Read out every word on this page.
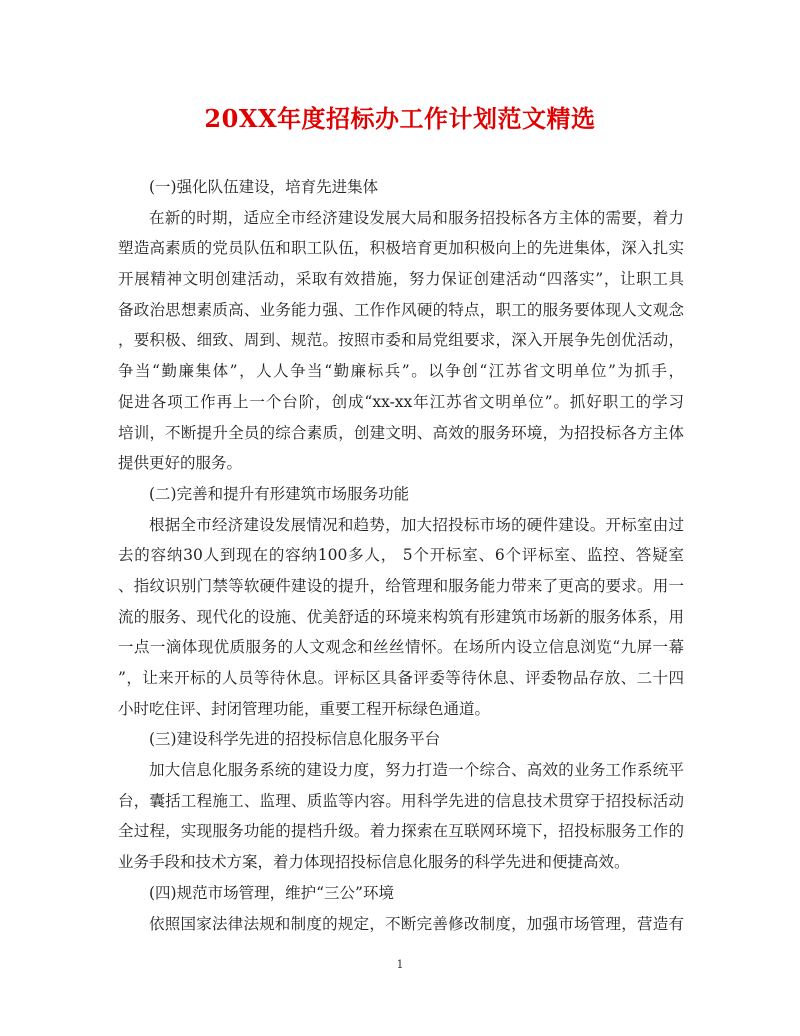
20XX年度招标办工作计划范文精选
(一)强化队伍建设，培育先进集体
在新的时期，适应全市经济建设发展大局和服务招投标各方主体的需要，着力
塑造高素质的党员队伍和职工队伍，积极培育更加积极向上的先进集体，深入扎实
开展精神文明创建活动，采取有效措施，努力保证创建活动“四落实”，让职工具
备政治思想素质高、业务能力强、工作作风硬的特点，职工的服务要体现人文观念
，要积极、细致、周到、规范。按照市委和局党组要求，深入开展争先创优活动，
争当“勤廉集体”，人人争当“勤廉标兵”。以争创“江苏省文明单位”为抓手，
促进各项工作再上一个台阶，创成“xx-xx年江苏省文明单位”。抓好职工的学习
培训，不断提升全员的综合素质，创建文明、高效的服务环境，为招投标各方主体
提供更好的服务。
(二)完善和提升有形建筑市场服务功能
根据全市经济建设发展情况和趋势，加大招投标市场的硬件建设。开标室由过
去的容纳30人到现在的容纳100多人， 5个开标室、6个评标室、监控、答疑室
、指纹识别门禁等软硬件建设的提升，给管理和服务能力带来了更高的要求。用一
流的服务、现代化的设施、优美舒适的环境来构筑有形建筑市场新的服务体系，用
一点一滴体现优质服务的人文观念和丝丝情怀。在场所内设立信息浏览“九屏一幕
”，让来开标的人员等待休息。评标区具备评委等待休息、评委物品存放、二十四
小时吃住评、封闭管理功能，重要工程开标绿色通道。
(三)建设科学先进的招投标信息化服务平台
加大信息化服务系统的建设力度，努力打造一个综合、高效的业务工作系统平
台，囊括工程施工、监理、质监等内容。用科学先进的信息技术贯穿于招投标活动
全过程，实现服务功能的提档升级。着力探索在互联网环境下，招投标服务工作的
业务手段和技术方案，着力体现招投标信息化服务的科学先进和便捷高效。
(四)规范市场管理，维护“三公”环境
依照国家法律法规和制度的规定，不断完善修改制度，加强市场管理，营造有
1
